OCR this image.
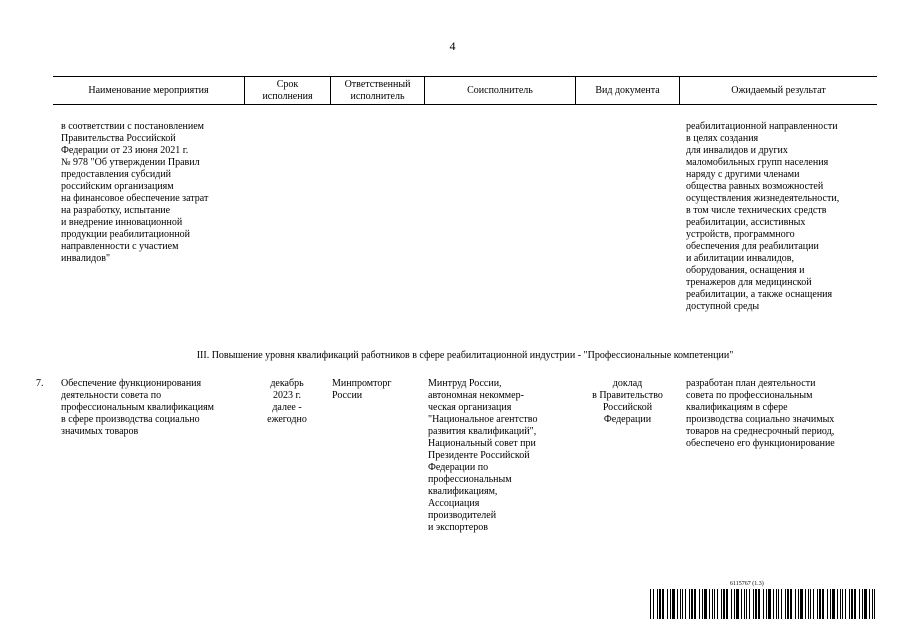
4
Наименование мероприятия
Срок
исполнения
Ответственный
исполнитель
Соисполнитель	Вид документа	Ожидаемый результат
в соответствии с постановлением
Правительства Российской
Федерации от 23 июня 2021 г.
№ 978 "Об утверждении Правил
предоставления субсидий
российским организациям
на финансовое обеспечение затрат
на разработку, испытание
и внедрение инновационной
продукции реабилитационной
направленности с участием
инвалидов"
реабилитационной направленности
в целях создания
для инвалидов и других
маломобильных групп населения
наряду с другими членами
общества равных возможностей
осуществления жизнедеятельности,
в том числе технических средств
реабилитации, ассистивных
устройств, программного
обеспечения для реабилитации
и абилитации инвалидов,
оборудования, оснащения и
тренажеров для медицинской
реабилитации, а также оснащения
доступной среды
III. Повышение уровня квалификаций работников в сфере реабилитационной индустрии - "Профессиональные компетенции"
7. Обеспечение функционирования
деятельности совета по
профессиональным квалификациям
в сфере производства социально
значимых товаров
декабрь
2023 г.
далее -
ежегодно
Минпромторг
России
Минтруд России,
автономная некоммер-
ческая организация
"Национальное агентство
развития квалификаций",
Национальный совет при
Президенте Российской
Федерации по
профессиональным
квалификациям,
Ассоциация
производителей
и экспортеров
доклад
в Правительство
Российской
Федерации
разработан план деятельности
совета по профессиональным
квалификациям в сфере
производства социально значимых
товаров на среднесрочный период,
обеспечено его функционирование
6115767 (1.3)
